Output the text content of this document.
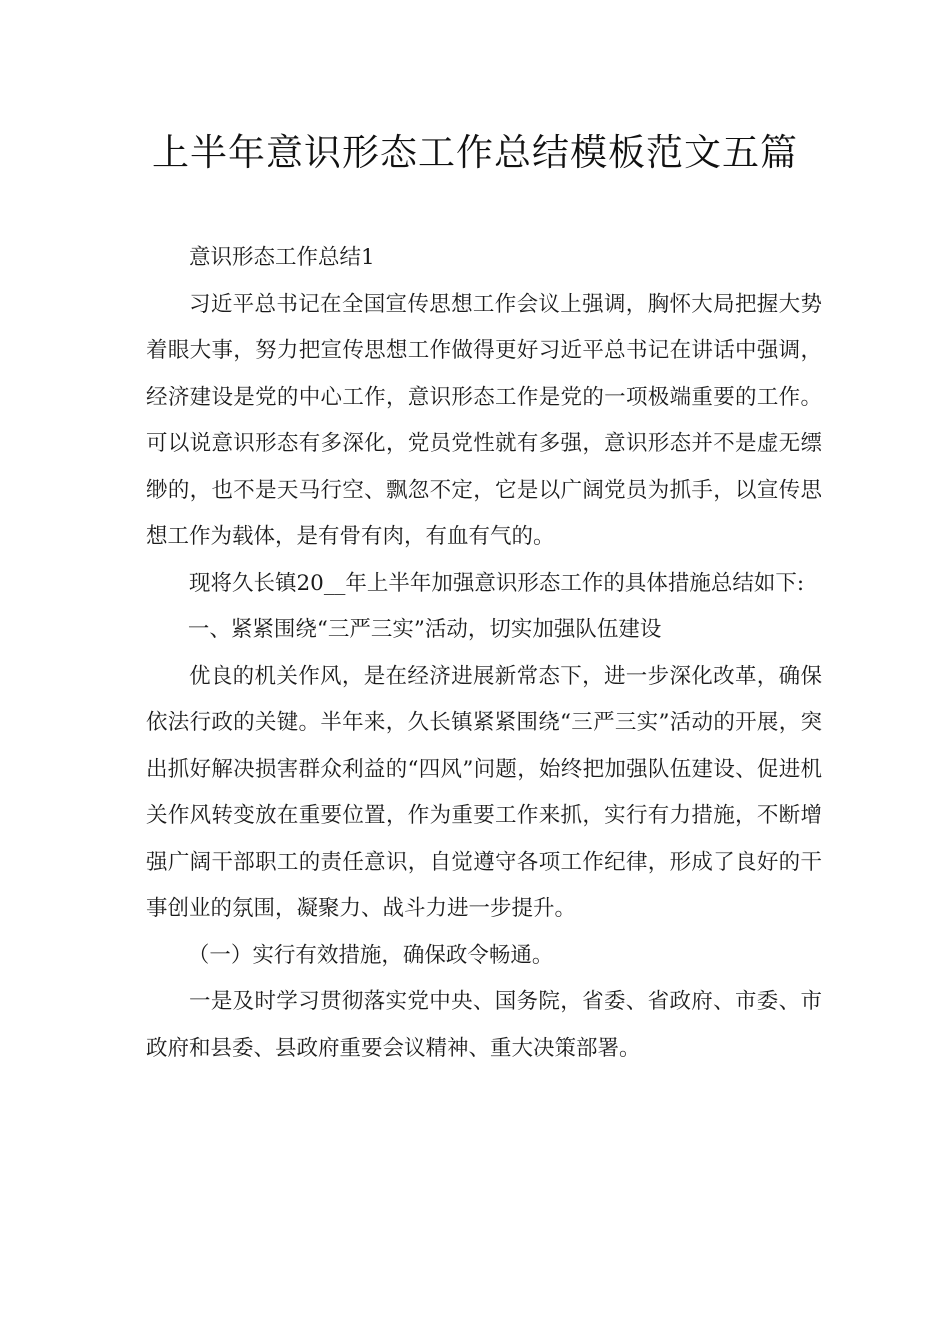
上半年意识形态工作总结模板范文五篇

意识形态工作总结1

习近平总书记在全国宣传思想工作会议上强调，胸怀大局把握大势着眼大事，努力把宣传思想工作做得更好习近平总书记在讲话中强调，经济建设是党的中心工作，意识形态工作是党的一项极端重要的工作。可以说意识形态有多深化，党员党性就有多强，意识形态并不是虚无缥缈的，也不是天马行空、飘忽不定，它是以广阔党员为抓手，以宣传思想工作为载体，是有骨有肉，有血有气的。

现将久长镇20__年上半年加强意识形态工作的具体措施总结如下:

一、紧紧围绕“三严三实”活动，切实加强队伍建设

优良的机关作风，是在经济进展新常态下，进一步深化改革，确保依法行政的关键。半年来，久长镇紧紧围绕“三严三实”活动的开展，突出抓好解决损害群众利益的“四风”问题，始终把加强队伍建设、促进机关作风转变放在重要位置，作为重要工作来抓，实行有力措施，不断增强广阔干部职工的责任意识，自觉遵守各项工作纪律，形成了良好的干事创业的氛围，凝聚力、战斗力进一步提升。

（一）实行有效措施，确保政令畅通。

一是及时学习贯彻落实党中央、国务院，省委、省政府、市委、市政府和县委、县政府重要会议精神、重大决策部署。
